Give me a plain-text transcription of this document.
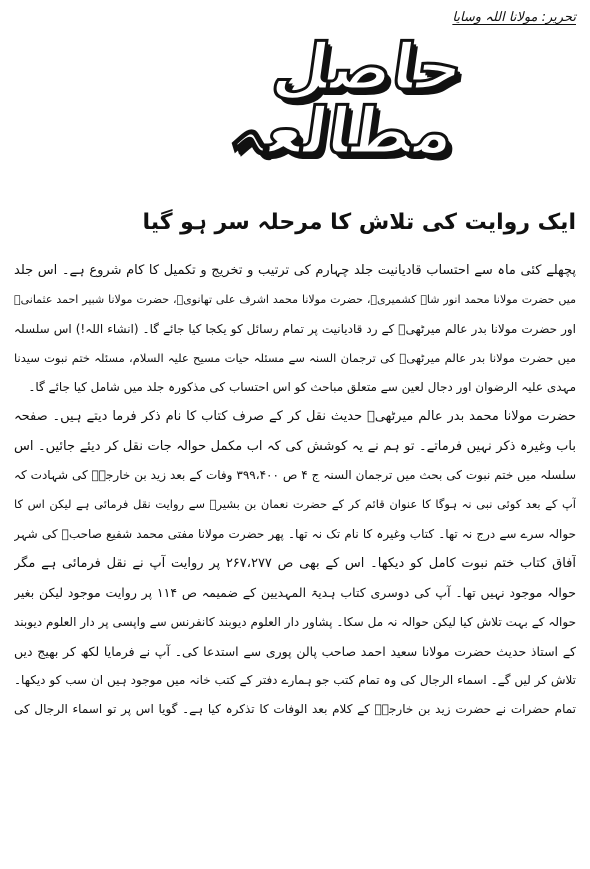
تحریر: مولانا اللہ وسایا
حاصل مطالعہ
ایک روایت کی تلاش کا مرحلہ سر ہو گیا
پچھلے کئی ماہ سے احتساب قادیانیت جلد چہارم کی ترتیب و تخریج و تکمیل کا کام شروع ہے۔ اس جلد
میں حضرت مولانا محمد انور شاہ کشمیریؒ، حضرت مولانا محمد اشرف علی تھانویؒ، حضرت مولانا شبیر احمد عثمانیؒ
اور حضرت مولانا بدر عالم میرٹھیؒ کے رد قادیانیت پر تمام رسائل کو یکجا کیا جائے گا۔ (انشاء اللہ!) اس سلسلہ
میں حضرت مولانا بدر عالم میرٹھیؒ کی ترجمان السنہ سے مسئلہ حیات مسیح علیہ السلام، مسئلہ ختم نبوت سیدنا
مہدی علیہ الرضوان اور دجال لعین سے متعلق مباحث کو اس احتساب کی مذکورہ جلد میں شامل کیا جائے گا۔
حضرت مولانا محمد بدر عالم میرٹھیؒ حدیث نقل کر کے صرف کتاب کا نام ذکر فرما دیتے ہیں۔ صفحہ
باب وغیرہ ذکر نہیں فرماتے۔ تو ہم نے یہ کوشش کی کہ اب مکمل حوالہ جات نقل کر دیئے جائیں۔ اس
سلسلہ میں ختم نبوت کی بحث میں ترجمان السنہ ج ۴ ص ۳۹۹،۴۰۰ وفات کے بعد زید بن خارجہؓ کی شہادت کہ
آپ کے بعد کوئی نبی نہ ہوگا کا عنوان قائم کر کے حضرت نعمان بن بشیرؓ سے روایت نقل فرمائی ہے لیکن اس کا
حوالہ سرے سے درج نہ تھا۔ کتاب وغیرہ کا نام تک نہ تھا۔ پھر حضرت مولانا مفتی محمد شفیع صاحبؒ کی شہر
آفاق کتاب ختم نبوت کامل کو دیکھا۔ اس کے بھی ص ۲۶۷،۲۷۷ پر روایت آپ نے نقل فرمائی ہے مگر
حوالہ موجود نہیں تھا۔ آپ کی دوسری کتاب ہدیۃ المہدیین کے ضمیمہ ص ۱۱۴ پر روایت موجود لیکن بغیر
حوالہ کے بہت تلاش کیا لیکن حوالہ نہ مل سکا۔ پشاور دار العلوم دیوبند کانفرنس سے واپسی پر دار العلوم دیوبند
کے استاذ حدیث حضرت مولانا سعید احمد صاحب پالن پوری سے استدعا کی۔ آپ نے فرمایا لکھ کر بھیج دیں
تلاش کر لیں گے۔ اسماء الرجال کی وہ تمام کتب جو ہمارے دفتر کے کتب خانہ میں موجود ہیں ان سب کو دیکھا۔
تمام حضرات نے حضرت زید بن خارجہؓ کے کلام بعد الوفات کا تذکرہ کیا ہے۔ گویا اس پر تو اسماء الرجال کی
